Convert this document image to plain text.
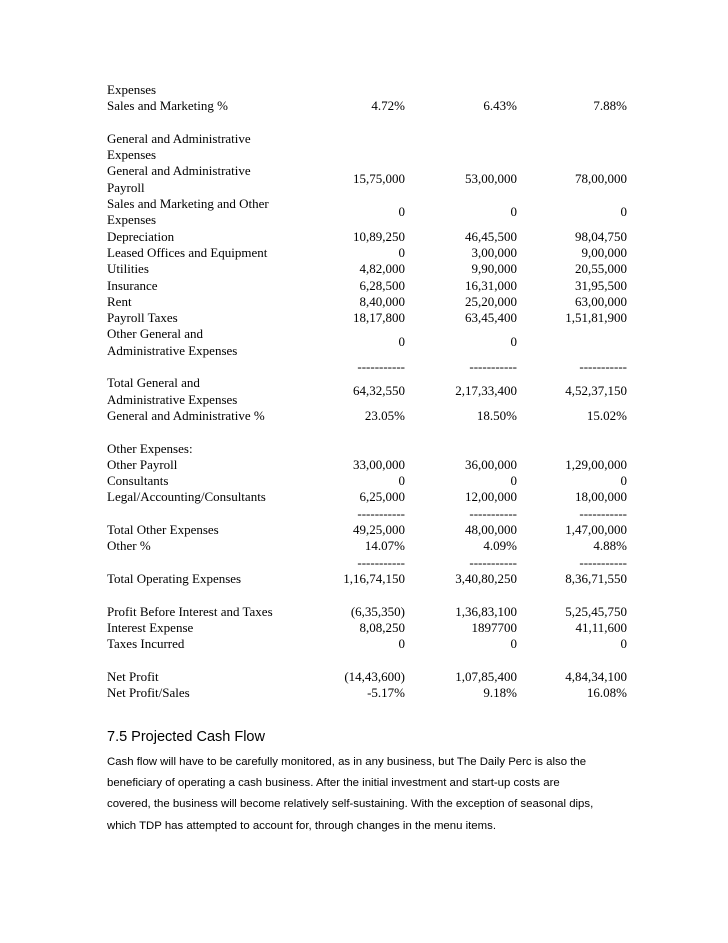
Expenses
Sales and Marketing %	4.72%	6.43%	7.88%
General and Administrative
Expenses
General and Administrative
Payroll
15,75,000	53,00,000	78,00,000
Sales and Marketing and Other
Expenses
0	0	0
Depreciation	10,89,250	46,45,500	98,04,750
Leased Offices and Equipment	0	3,00,000	9,00,000
Utilities	4,82,000	9,90,000	20,55,000
Insurance	6,28,500	16,31,000	31,95,500
Rent	8,40,000	25,20,000	63,00,000
Payroll Taxes	18,17,800	63,45,400	1,51,81,900
Other General and
Administrative Expenses
0	0
-----------	-----------	-----------
Total General and
Administrative Expenses
64,32,550	2,17,33,400	4,52,37,150
General and Administrative %	23.05%	18.50%	15.02%
Other Expenses:
Other Payroll	33,00,000	36,00,000	1,29,00,000
Consultants	0	0	0
Legal/Accounting/Consultants	6,25,000	12,00,000	18,00,000
-----------	-----------	-----------
Total Other Expenses	49,25,000	48,00,000	1,47,00,000
Other %	14.07%	4.09%	4.88%
-----------	-----------	-----------
Total Operating Expenses	1,16,74,150	3,40,80,250	8,36,71,550
Profit Before Interest and Taxes	(6,35,350)	1,36,83,100	5,25,45,750
Interest Expense	8,08,250	1897700	41,11,600
Taxes Incurred	0	0	0
Net Profit	(14,43,600)	1,07,85,400	4,84,34,100
Net Profit/Sales	-5.17%	9.18%	16.08%
7.5 Projected Cash Flow

Cash flow will have to be carefully monitored, as in any business, but The Daily Perc is also the
beneficiary of operating a cash business. After the initial investment and start-up costs are
covered, the business will become relatively self-sustaining. With the exception of seasonal dips,
which TDP has attempted to account for, through changes in the menu items.
